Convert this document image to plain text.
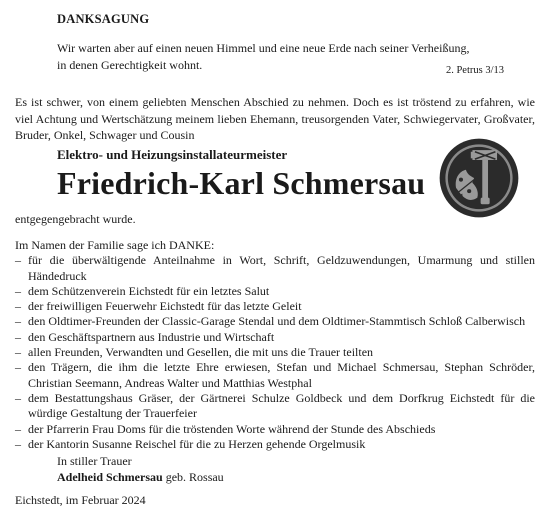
DANKSAGUNG
Wir warten aber auf einen neuen Himmel und eine neue Erde nach seiner Verheißung,
in denen Gerechtigkeit wohnt.	2. Petrus 3/13
Es ist schwer, von einem geliebten Menschen Abschied zu nehmen. Doch es ist tröstend zu erfahren, wie viel Achtung und Wertschätzung meinem lieben Ehemann, treusorgenden Vater, Schwiegervater, Großvater, Bruder, Onkel, Schwager und Cousin
Elektro- und Heizungsinstallateurmeister
Friedrich-Karl Schmersau
entgegengebracht wurde.
Im Namen der Familie sage ich DANKE:
– für die überwältigende Anteilnahme in Wort, Schrift, Geldzuwendungen, Umarmung und stillen Händedruck
– dem Schützenverein Eichstedt für ein letztes Salut
– der freiwilligen Feuerwehr Eichstedt für das letzte Geleit
– den Oldtimer-Freunden der Classic-Garage Stendal und dem Oldtimer-Stammtisch Schloß Calberwisch
– den Geschäftspartnern aus Industrie und Wirtschaft
– allen Freunden, Verwandten und Gesellen, die mit uns die Trauer teilten
– den Trägern, die ihm die letzte Ehre erwiesen, Stefan und Michael Schmersau, Stephan Schröder, Christian Seemann, Andreas Walter und Matthias Westphal
– dem Bestattungshaus Gräser, der Gärtnerei Schulze Goldbeck und dem Dorfkrug Eichstedt für die würdige Gestaltung der Trauerfeier
– der Pfarrerin Frau Doms für die tröstenden Worte während der Stunde des Abschieds
– der Kantorin Susanne Reischel für die zu Herzen gehende Orgelmusik
In stiller Trauer
Adelheid Schmersau geb. Rossau
Eichstedt, im Februar 2024
